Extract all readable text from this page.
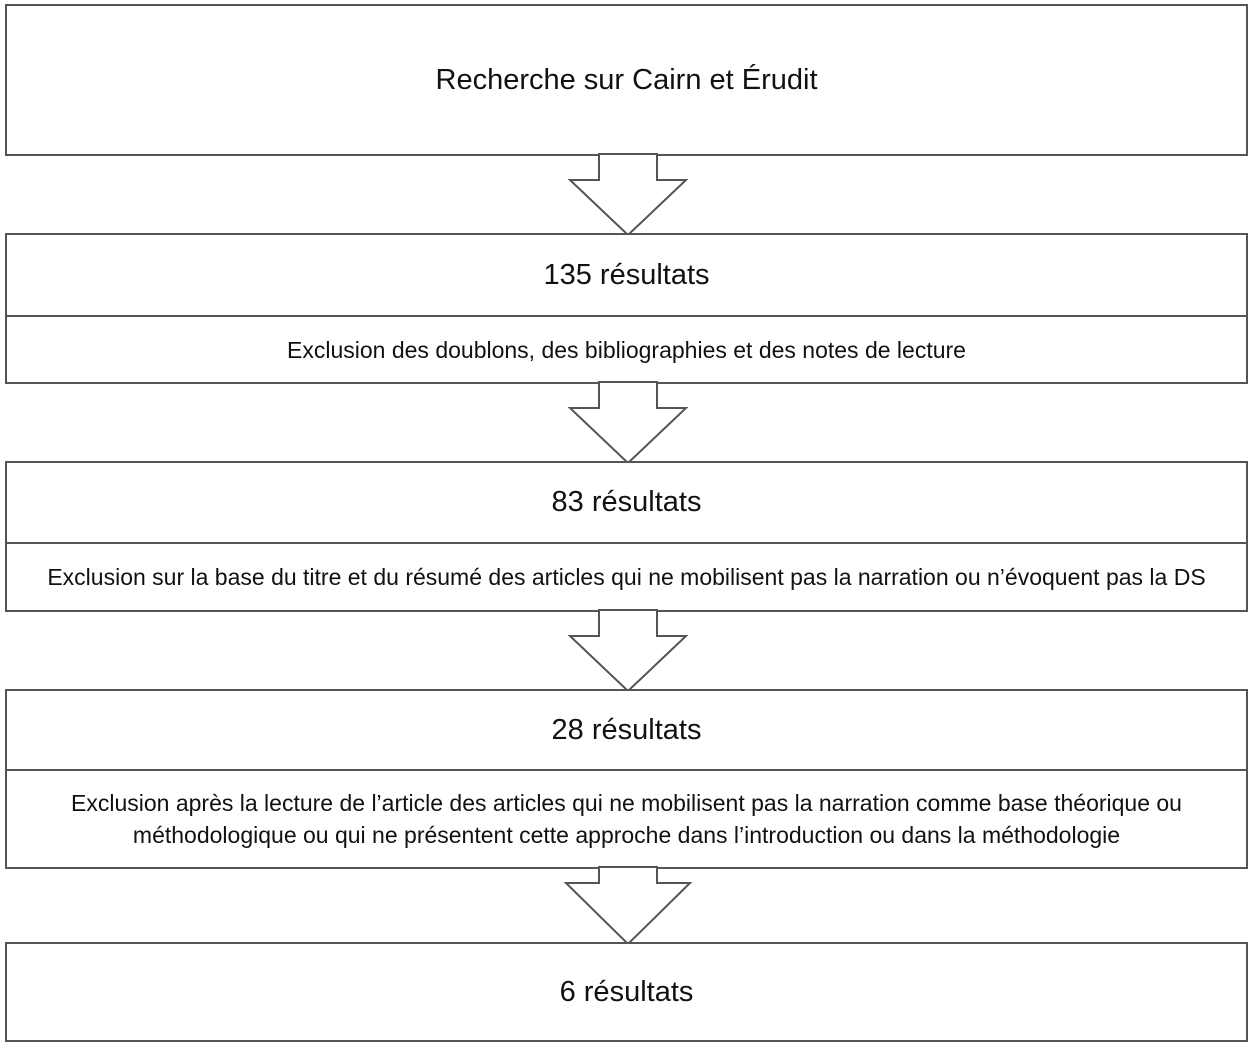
Recherche sur Cairn et Érudit
135 résultats
Exclusion des doublons, des bibliographies et des notes de lecture
83 résultats
Exclusion sur la base du titre et du résumé des articles qui ne mobilisent pas la narration ou n’évoquent pas la DS
28 résultats
Exclusion après la lecture de l’article des articles qui ne mobilisent pas la narration comme base théorique ou méthodologique ou qui ne présentent cette approche dans l’introduction ou dans la méthodologie
6 résultats
